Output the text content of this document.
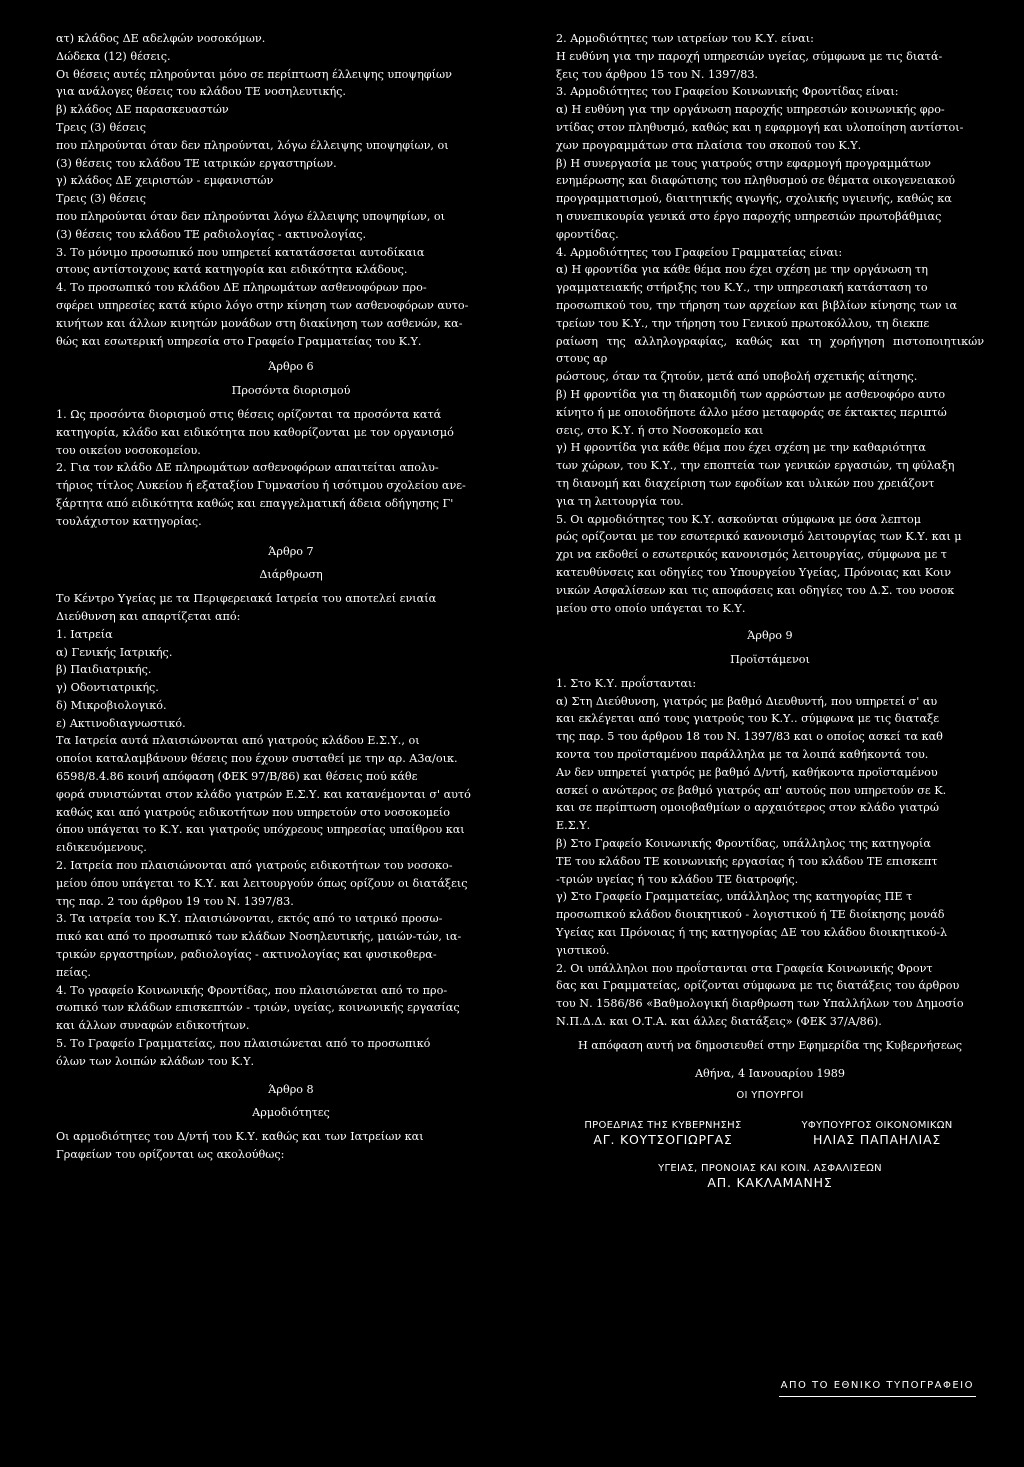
ατ) κλάδος ΔΕ αδελφών νοσοκόμων.
Δώδεκα (12) θέσεις.
Οι θέσεις αυτές πληρούνται μόνο σε περίπτωση έλλειψης υποψηφίων
για ανάλογες θέσεις του κλάδου ΤΕ νοσηλευτικής.
β) κλάδος ΔΕ παρασκευαστών
Τρεις (3) θέσεις
που πληρούνται όταν δεν πληρούνται, λόγω έλλειψης υποψηφίων, οι
(3) θέσεις του κλάδου ΤΕ ιατρικών εργαστηρίων.
γ) κλάδος ΔΕ χειριστών - εμφανιστών
Τρεις (3) θέσεις
που πληρούνται όταν δεν πληρούνται λόγω έλλειψης υποψηφίων, οι
(3) θέσεις του κλάδου ΤΕ ραδιολογίας - ακτινολογίας.
3. Το μόνιμο προσωπικό που υπηρετεί κατατάσσεται αυτοδίκαια
στους αντίστοιχους κατά κατηγορία και ειδικότητα κλάδους.
4. Το προσωπικό του κλάδου ΔΕ πληρωμάτων ασθενοφόρων προ-
σφέρει υπηρεσίες κατά κύριο λόγο στην κίνηση των ασθενοφόρων αυτο-
κινήτων και άλλων κινητών μονάδων στη διακίνηση των ασθενών, κα-
θώς και εσωτερική υπηρεσία στο Γραφείο Γραμματείας του Κ.Υ.

Άρθρο 6

Προσόντα διορισμού

1. Ως προσόντα διορισμού στις θέσεις ορίζονται τα προσόντα κατά
κατηγορία, κλάδο και ειδικότητα που καθορίζονται με τον οργανισμό
του οικείου νοσοκομείου.
2. Για τον κλάδο ΔΕ πληρωμάτων ασθενοφόρων απαιτείται απολυ-
τήριος τίτλος Λυκείου ή εξαταξίου Γυμνασίου ή ισότιμου σχολείου ανε-
ξάρτητα από ειδικότητα καθώς και επαγγελματική άδεια οδήγησης Γ'
τουλάχιστον κατηγορίας.

Άρθρο 7

Διάρθρωση

Το Κέντρο Υγείας με τα Περιφερειακά Ιατρεία του αποτελεί ενιαία
Διεύθυνση και απαρτίζεται από:
1. Ιατρεία
α) Γενικής Ιατρικής.
β) Παιδιατρικής.
γ) Οδοντιατρικής.
δ) Μικροβιολογικό.
ε) Ακτινοδιαγνωστικό.
Τα Ιατρεία αυτά πλαισιώνονται από γιατρούς κλάδου Ε.Σ.Υ., οι
οποίοι καταλαμβάνουν θέσεις που έχουν συσταθεί με την αρ. Α3α/οικ.
6598/8.4.86 κοινή απόφαση (ΦΕΚ 97/Β/86) και θέσεις πού κάθε
φορά συνιστώνται στον κλάδο γιατρών Ε.Σ.Υ. και κατανέμονται σ' αυτό
καθώς και από γιατρούς ειδικοτήτων που υπηρετούν στο νοσοκομείο
όπου υπάγεται το Κ.Υ. και γιατρούς υπόχρεους υπηρεσίας υπαίθρου και
ειδικευόμενους.
2. Ιατρεία που πλαισιώνονται από γιατρούς ειδικοτήτων του νοσοκο-
μείου όπου υπάγεται το Κ.Υ. και λειτουργούν όπως ορίζουν οι διατάξεις
της παρ. 2 του άρθρου 19 του Ν. 1397/83.
3. Τα ιατρεία του Κ.Υ. πλαισιώνονται, εκτός από το ιατρικό προσω-
πικό και από το προσωπικό των κλάδων Νοσηλευτικής, μαιών-τών, ια-
τρικών εργαστηρίων, ραδιολογίας - ακτινολογίας και φυσικοθερα-
πείας.
4. Το γραφείο Κοινωνικής Φροντίδας, που πλαισιώνεται από το προ-
σωπικό των κλάδων επισκεπτών - τριών, υγείας, κοινωνικής εργασίας
και άλλων συναφών ειδικοτήτων.
5. Το Γραφείο Γραμματείας, που πλαισιώνεται από το προσωπικό
όλων των λοιπών κλάδων του Κ.Υ.

Άρθρο 8

Αρμοδιότητες

Οι αρμοδιότητες του Δ/ντή του Κ.Υ. καθώς και των Ιατρείων και
Γραφείων του ορίζονται ως ακολούθως:

2. Αρμοδιότητες των ιατρείων του Κ.Υ. είναι:
Η ευθύνη για την παροχή υπηρεσιών υγείας, σύμφωνα με τις διατά-
ξεις του άρθρου 15 του Ν. 1397/83.
3. Αρμοδιότητες του Γραφείου Κοινωνικής Φροντίδας είναι:
α) Η ευθύνη για την οργάνωση παροχής υπηρεσιών κοινωνικής φρο-
ντίδας στον πληθυσμό, καθώς και η εφαρμογή και υλοποίηση αντίστοι-
χων προγραμμάτων στα πλαίσια του σκοπού του Κ.Υ.
β) Η συνεργασία με τους γιατρούς στην εφαρμογή προγραμμάτων
ενημέρωσης και διαφώτισης του πληθυσμού σε θέματα οικογενειακού
προγραμματισμού, διαιτητικής αγωγής, σχολικής υγιεινής, καθώς κα
η συνεπικουρία γενικά στο έργο παροχής υπηρεσιών πρωτοβάθμιας
φροντίδας.
4. Αρμοδιότητες του Γραφείου Γραμματείας είναι:
α) Η φροντίδα για κάθε θέμα που έχει σχέση με την οργάνωση τη
γραμματειακής στήριξης του Κ.Υ., την υπηρεσιακή κατάσταση το
προσωπικού του, την τήρηση των αρχείων και βιβλίων κίνησης των ια
τρείων του Κ.Υ., την τήρηση του Γενικού πρωτοκόλλου, τη διεκπε
ραίωση της αλληλογραφίας, καθώς και τη χορήγηση πιστοποιητικών στους αρ
ρώστους, όταν τα ζητούν, μετά από υποβολή σχετικής αίτησης.
β) Η φροντίδα για τη διακομιδή των αρρώστων με ασθενοφόρο αυτο
κίνητο ή με οποιοδήποτε άλλο μέσο μεταφοράς σε έκτακτες περιπτώ
σεις, στο Κ.Υ. ή στο Νοσοκομείο και
γ) Η φροντίδα για κάθε θέμα που έχει σχέση με την καθαριότητα
των χώρων, του Κ.Υ., την εποπτεία των γενικών εργασιών, τη φύλαξη
τη διανομή και διαχείριση των εφοδίων και υλικών που χρειάζοντ
για τη λειτουργία του.
5. Οι αρμοδιότητες του Κ.Υ. ασκούνται σύμφωνα με όσα λεπτομ
ρώς ορίζονται με τον εσωτερικό κανονισμό λειτουργίας των Κ.Υ. και μ
χρι να εκδοθεί ο εσωτερικός κανονισμός λειτουργίας, σύμφωνα με τ
κατευθύνσεις και οδηγίες του Υπουργείου Υγείας, Πρόνοιας και Κοιν
νικών Ασφαλίσεων και τις αποφάσεις και οδηγίες του Δ.Σ. του νοσοκ
μείου στο οποίο υπάγεται το Κ.Υ.

Άρθρο 9

Προϊστάμενοι

1. Στο Κ.Υ. προΐστανται:
α) Στη Διεύθυνση, γιατρός με βαθμό Διευθυντή, που υπηρετεί σ' αυ
και εκλέγεται από τους γιατρούς του Κ.Υ.. σύμφωνα με τις διαταξε
της παρ. 5 του άρθρου 18 του Ν. 1397/83 και ο οποίος ασκεί τα καθ
κοντα του προϊσταμένου παράλληλα με τα λοιπά καθήκοντά του.
Αν δεν υπηρετεί γιατρός με βαθμό Δ/ντή, καθήκοντα προϊσταμένου
ασκεί ο ανώτερος σε βαθμό γιατρός απ' αυτούς που υπηρετούν σε Κ.
και σε περίπτωση ομοιοβαθμίων ο αρχαιότερος στον κλάδο γιατρώ
Ε.Σ.Υ.
β) Στο Γραφείο Κοινωνικής Φροντίδας, υπάλληλος της κατηγορία
ΤΕ του κλάδου ΤΕ κοινωνικής εργασίας ή του κλάδου ΤΕ επισκεπτ
-τριών υγείας ή του κλάδου ΤΕ διατροφής.
γ) Στο Γραφείο Γραμματείας, υπάλληλος της κατηγορίας ΠΕ τ
προσωπικού κλάδου διοικητικού - λογιστικού ή ΤΕ διοίκησης μονάδ
Υγείας και Πρόνοιας ή της κατηγορίας ΔΕ του κλάδου διοικητικού-λ
γιστικού.
2. Οι υπάλληλοι που προΐστανται στα Γραφεία Κοινωνικής Φροντ
δας και Γραμματείας, ορίζονται σύμφωνα με τις διατάξεις του άρθρου
του Ν. 1586/86 «Βαθμολογική διαρθρωση των Υπαλλήλων του Δημοσίο
Ν.Π.Δ.Δ. και Ο.Τ.Α. και άλλες διατάξεις» (ΦΕΚ 37/Α/86).

Η απόφαση αυτή να δημοσιευθεί στην Εφημερίδα της Κυβερνήσεως

Αθήνα, 4 Ιανουαρίου 1989

ΟΙ ΥΠΟΥΡΓΟΙ

ΠΡΟΕΔΡΙΑΣ ΤΗΣ ΚΥΒΕΡΝΗΣΗΣ
ΑΓ. ΚΟΥΤΣΟΓΙΩΡΓΑΣ
ΥΦΥΠΟΥΡΓΟΣ ΟΙΚΟΝΟΜΙΚΩΝ
ΗΛΙΑΣ ΠΑΠΑΗΛΙΑΣ
ΥΓΕΙΑΣ, ΠΡΟΝΟΙΑΣ ΚΑΙ ΚΟΙΝ. ΑΣΦΑΛΙΣΕΩΝ
ΑΠ. ΚΑΚΛΑΜΑΝΗΣ
ΑΠΟ ΤΟ ΕΘΝΙΚΟ ΤΥΠΟΓΡΑΦΕΙΟ
